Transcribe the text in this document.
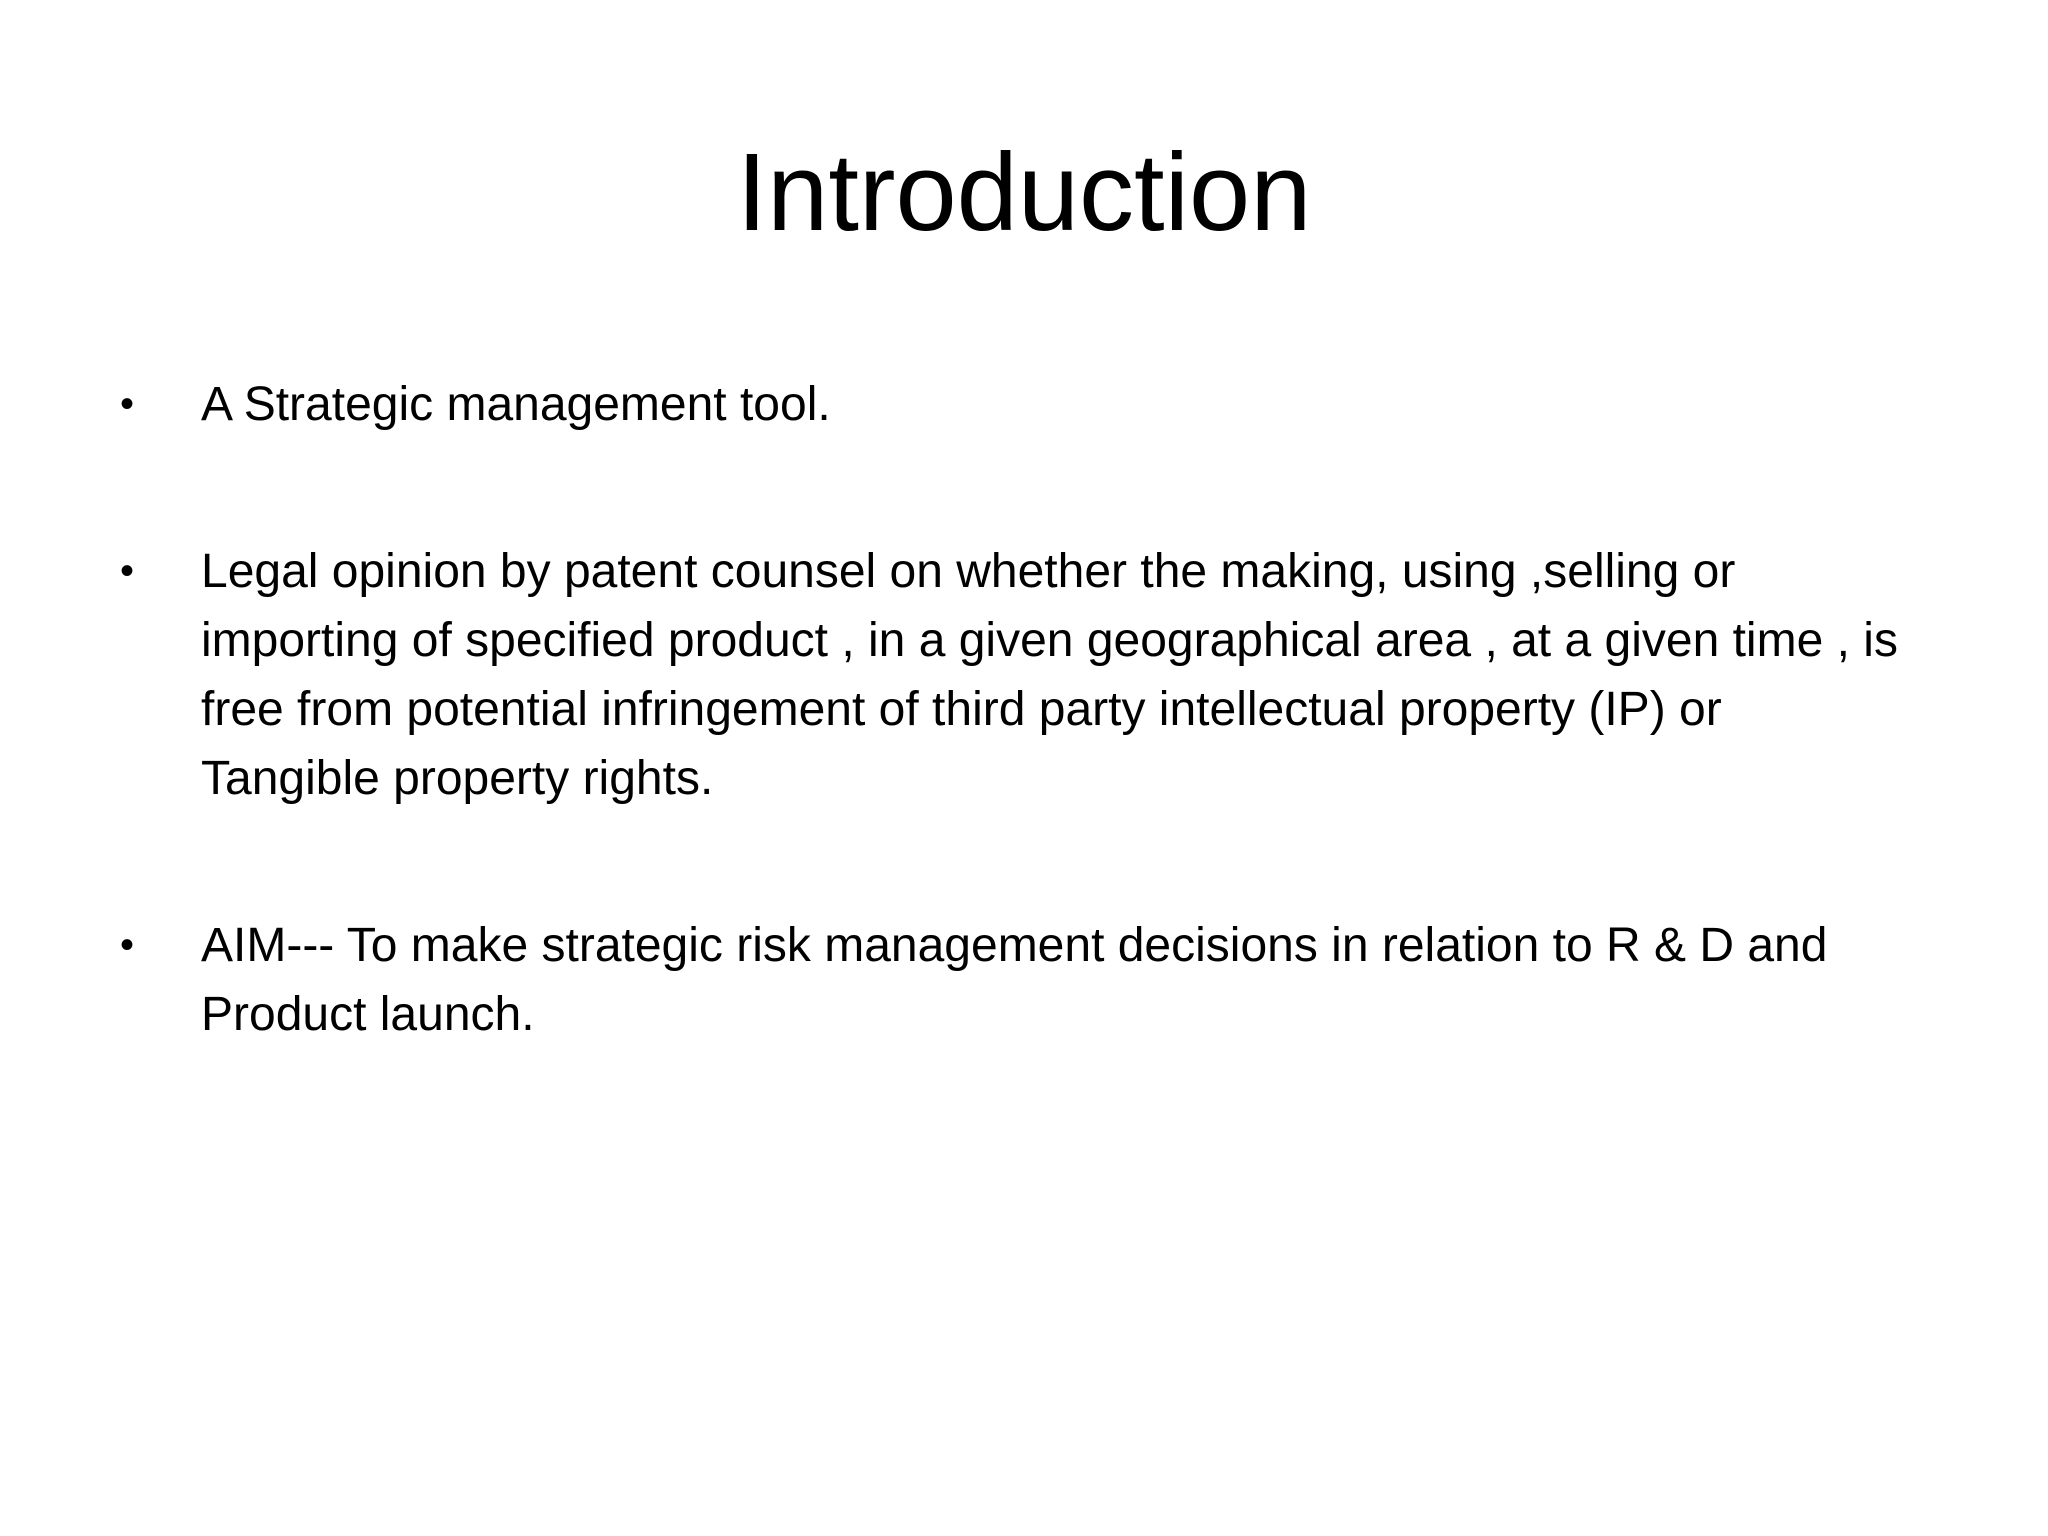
Introduction
•	A Strategic management tool.
•	Legal opinion by patent counsel on whether the making, using ,selling or importing of specified product , in a given geographical area , at a given time , is free from potential infringement of third party intellectual property (IP) or Tangible property rights.
•	AIM--- To make strategic risk management decisions in relation to R & D and Product launch.
